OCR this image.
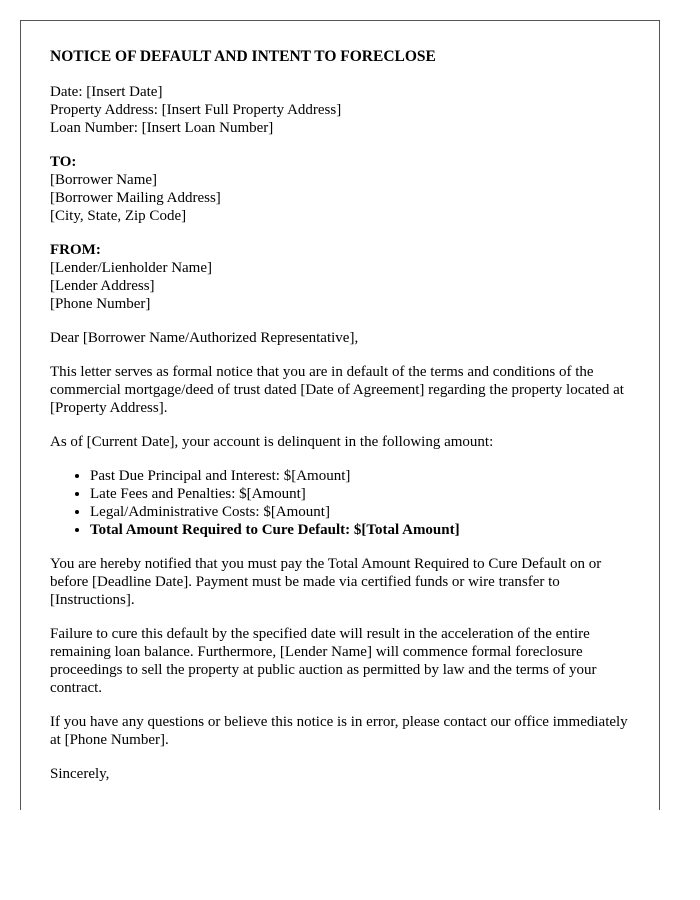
NOTICE OF DEFAULT AND INTENT TO FORECLOSE
Date: [Insert Date]
Property Address: [Insert Full Property Address]
Loan Number: [Insert Loan Number]
TO:
[Borrower Name]
[Borrower Mailing Address]
[City, State, Zip Code]
FROM:
[Lender/Lienholder Name]
[Lender Address]
[Phone Number]

Dear [Borrower Name/Authorized Representative],

This letter serves as formal notice that you are in default of the terms and conditions of the commercial mortgage/deed of trust dated [Date of Agreement] regarding the property located at [Property Address].

As of [Current Date], your account is delinquent in the following amount:

• Past Due Principal and Interest: $[Amount]
• Late Fees and Penalties: $[Amount]
• Legal/Administrative Costs: $[Amount]
• Total Amount Required to Cure Default: $[Total Amount]

You are hereby notified that you must pay the Total Amount Required to Cure Default on or before [Deadline Date]. Payment must be made via certified funds or wire transfer to [Instructions].

Failure to cure this default by the specified date will result in the acceleration of the entire remaining loan balance. Furthermore, [Lender Name] will commence formal foreclosure proceedings to sell the property at public auction as permitted by law and the terms of your contract.

If you have any questions or believe this notice is in error, please contact our office immediately at [Phone Number].

Sincerely,
